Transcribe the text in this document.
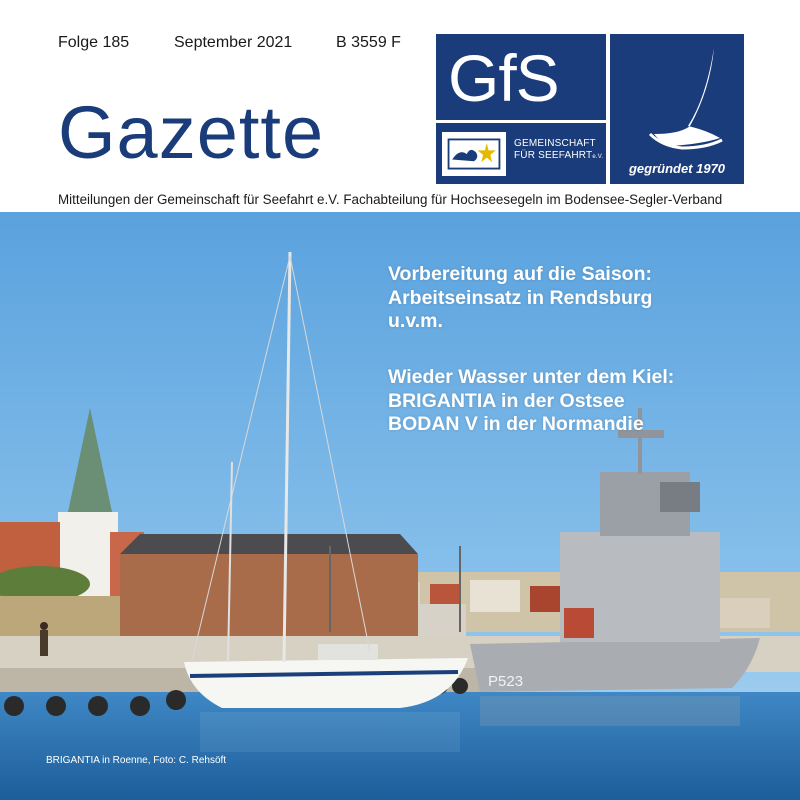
Folge 185	September 2021	B 3559 F
Gazette
GfS
GEMEINSCHAFT
FÜR SEEFAHRTe.V.
gegründet 1970
Mitteilungen der Gemeinschaft für Seefahrt e.V. Fachabteilung für Hochseesegeln im Bodensee-Segler-Verband
P523
Vorbereitung auf die Saison:
Arbeitseinsatz in Rendsburg
u.v.m.
Wieder Wasser unter dem Kiel:
BRIGANTIA in der Ostsee
BODAN V in der Normandie
BRIGANTIA in Roenne, Foto: C. Rehsöft
